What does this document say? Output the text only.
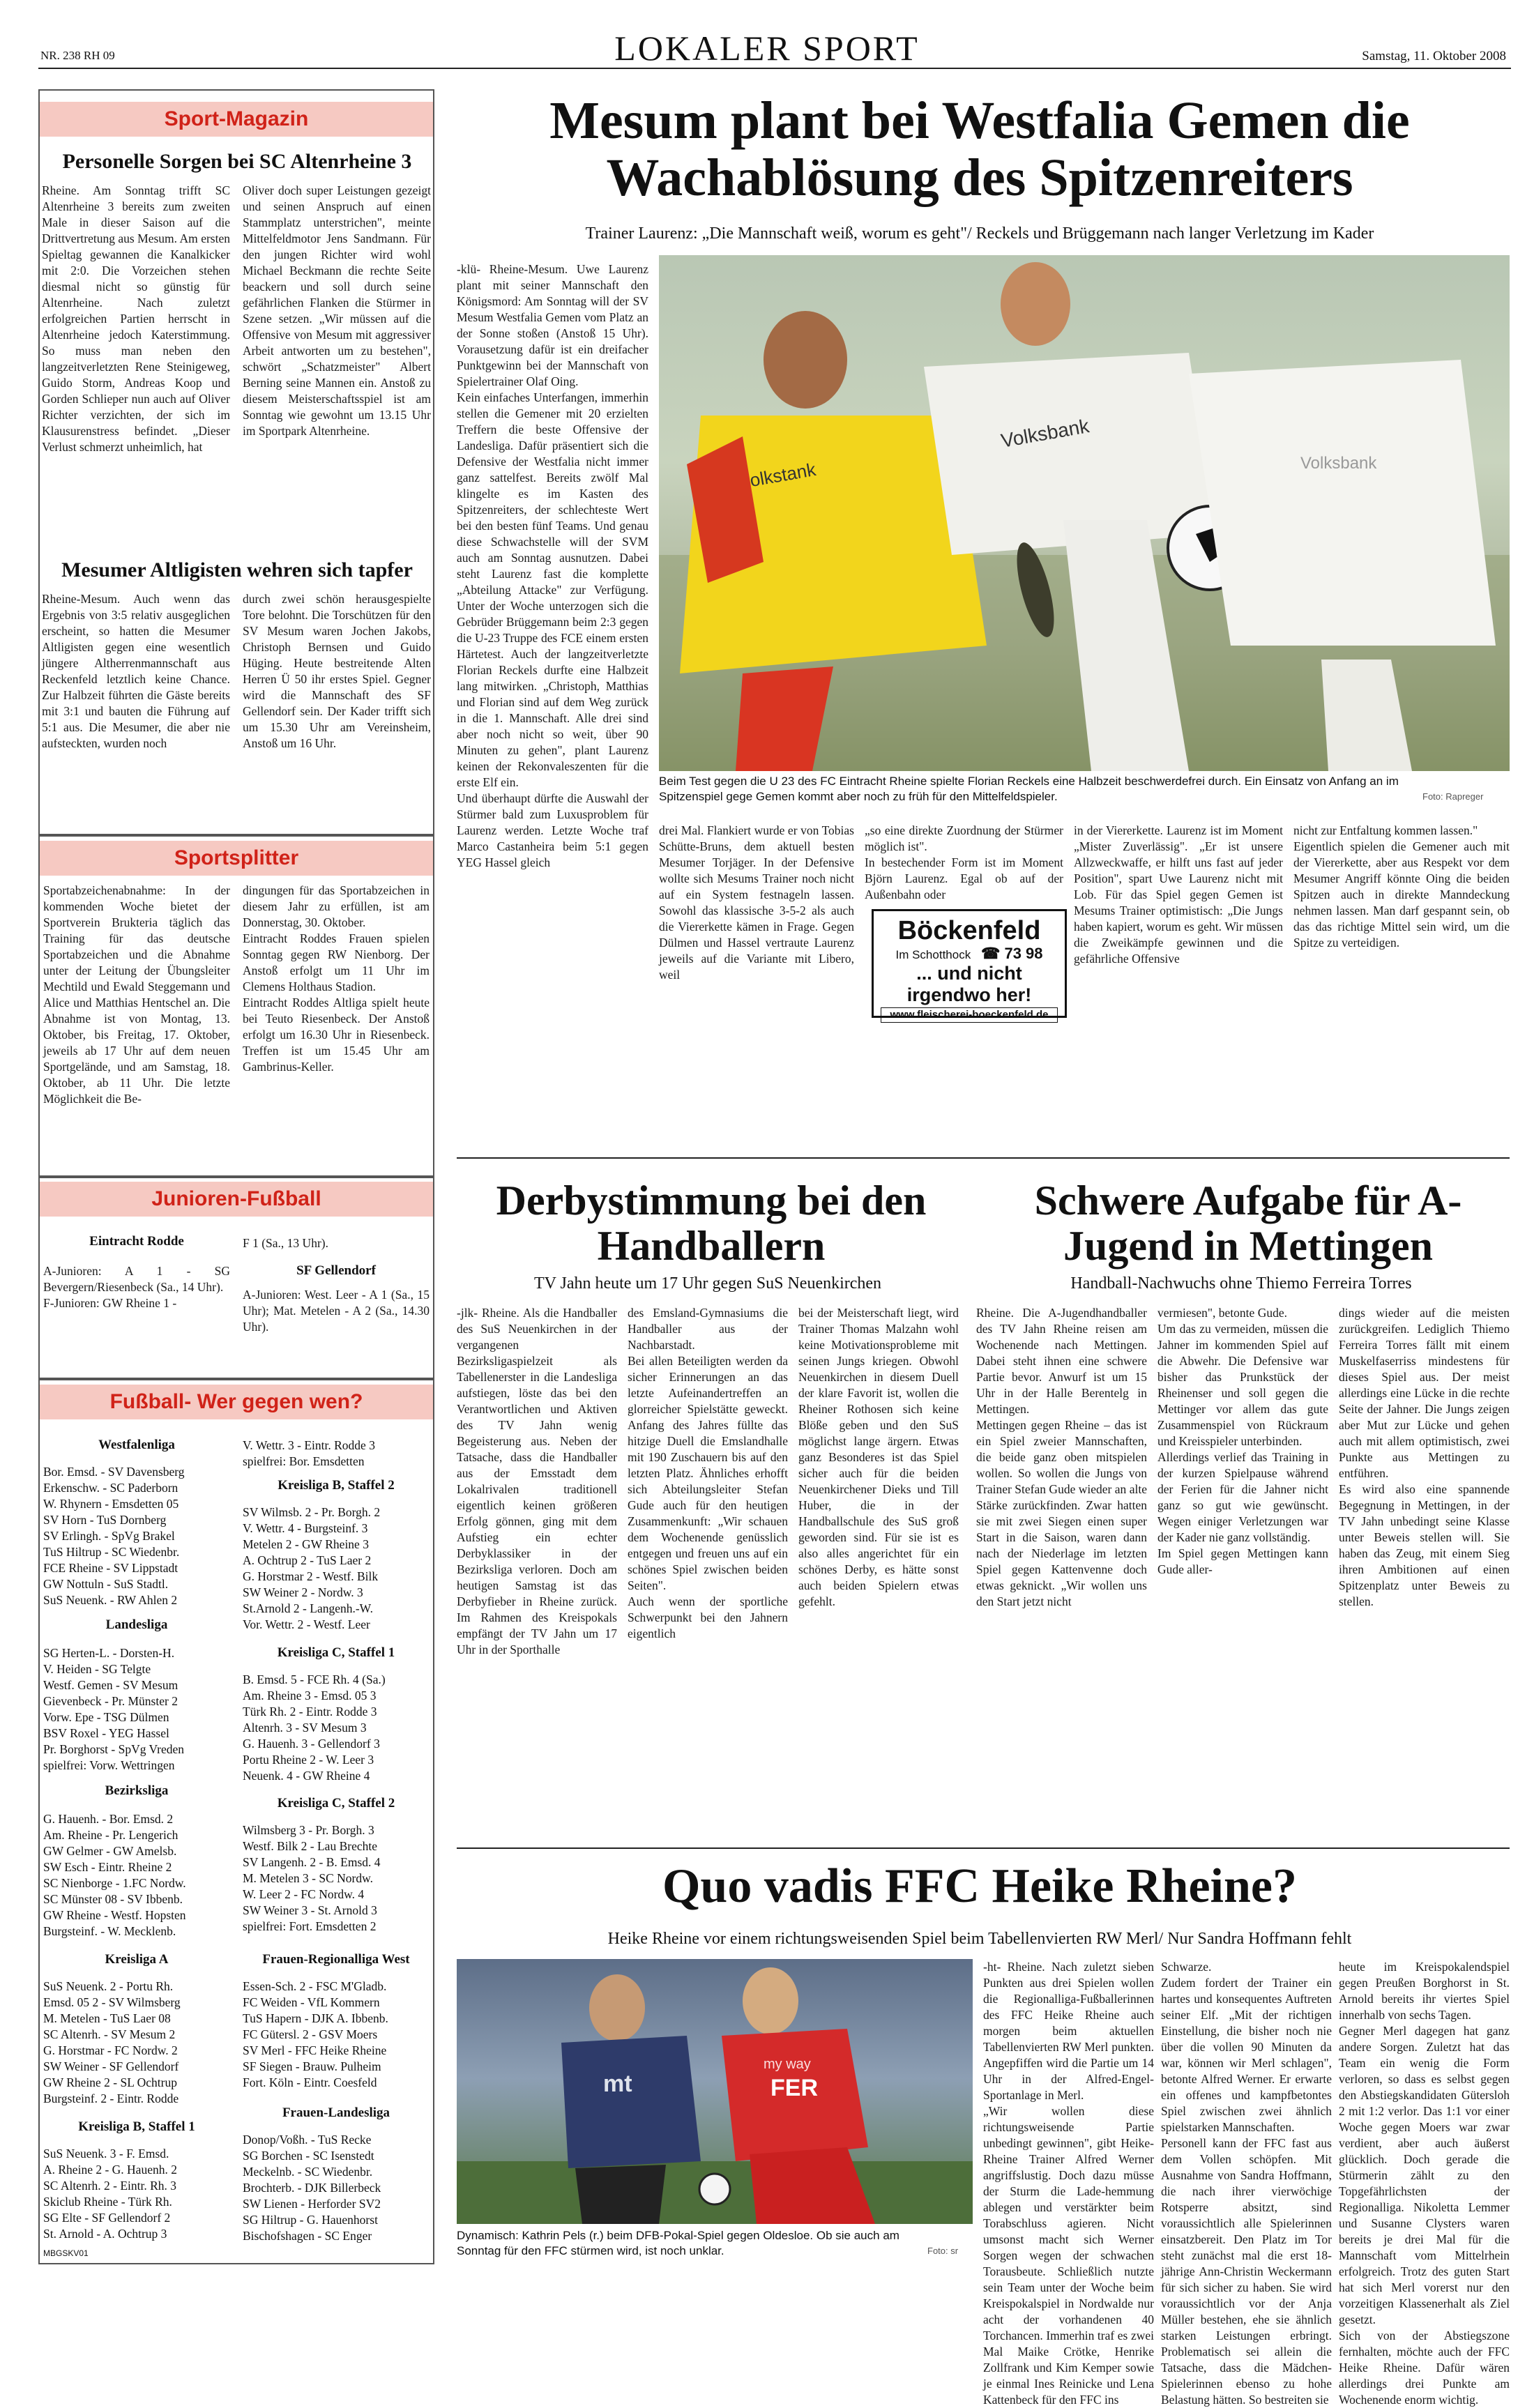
NR. 238 RH 09	LOKALER SPORT	Samstag, 11. Oktober 2008
Sport-Magazin
Personelle Sorgen bei SC Altenrheine 3
Rheine. Am Sonntag trifft SC Altenrheine 3 bereits zum zweiten Male in dieser Saison auf die Drittvertretung aus Mesum. Am ersten Spieltag gewannen die Kanalkicker mit 2:0. Die Vorzeichen stehen diesmal nicht so günstig für Altenrheine. Nach zuletzt erfolgreichen Partien herrscht in Altenrheine jedoch Katerstimmung. So muss man neben den langzeitverletzten Rene Steinigeweg, Guido Storm, Andreas Koop und Gorden Schlieper nun auch auf Oliver Richter verzichten, der sich im Klausurenstress befindet. „Dieser Verlust schmerzt unheimlich, hat
Oliver doch super Leistungen gezeigt und seinen Anspruch auf einen Stammplatz unterstrichen", meinte Mittelfeldmotor Jens Sandmann. Für den jungen Richter wird wohl Michael Beckmann die rechte Seite beackern und soll durch seine gefährlichen Flanken die Stürmer in Szene setzen. „Wir müssen auf die Offensive von Mesum mit aggressiver Arbeit antworten um zu bestehen", schwört „Schatzmeister" Albert Berning seine Mannen ein. Anstoß zu diesem Meisterschaftsspiel ist am Sonntag wie gewohnt um 13.15 Uhr im Sportpark Altenrheine.
Mesumer Altligisten wehren sich tapfer
Rheine-Mesum. Auch wenn das Ergebnis von 3:5 relativ ausgeglichen erscheint, so hatten die Mesumer Altligisten gegen eine wesentlich jüngere Altherrenmannschaft aus Reckenfeld letztlich keine Chance. Zur Halbzeit führten die Gäste bereits mit 3:1 und bauten die Führung auf 5:1 aus. Die Mesumer, die aber nie aufsteckten, wurden noch
durch zwei schön herausgespielte Tore belohnt. Die Torschützen für den SV Mesum waren Jochen Jakobs, Christoph Bernsen und Guido Hüging. Heute bestreitende Alten Herren Ü 50 ihr erstes Spiel. Gegner wird die Mannschaft des SF Gellendorf sein. Der Kader trifft sich um 15.30 Uhr am Vereinsheim, Anstoß um 16 Uhr.
Sportsplitter
Sportabzeichenabnahme: In der kommenden Woche bietet der Sportverein Brukteria täglich das Training für das deutsche Sportabzeichen und die Abnahme unter der Leitung der Übungsleiter Mechtild und Ewald Steggemann und Alice und Matthias Hentschel an. Die Abnahme ist von Montag, 13. Oktober, bis Freitag, 17. Oktober, jeweils ab 17 Uhr auf dem neuen Sportgelände, und am Samstag, 18. Oktober, ab 11 Uhr. Die letzte Möglichkeit die Be-
dingungen für das Sportabzeichen in diesem Jahr zu erfüllen, ist am Donnerstag, 30. Oktober.
Eintracht Roddes Frauen spielen Sonntag gegen RW Nienborg. Der Anstoß erfolgt um 11 Uhr im Clemens Holthaus Stadion.
Eintracht Roddes Altliga spielt heute bei Teuto Riesenbeck. Der Anstoß erfolgt um 16.30 Uhr in Riesenbeck. Treffen ist um 15.45 Uhr am Gambrinus-Keller.
Junioren-Fußball
Eintracht Rodde
A-Junioren: A 1 - SG Bevergern/Riesenbeck (Sa., 14 Uhr).
F-Junioren: GW Rheine 1 -
F 1 (Sa., 13 Uhr).
SF Gellendorf
A-Junioren: West. Leer - A 1 (Sa., 15 Uhr); Mat. Metelen - A 2 (Sa., 14.30 Uhr).
Fußball- Wer gegen wen?
Westfalenliga
Bor. Emsd. - SV Davensberg
Erkenschw. - SC Paderborn
W. Rhynern - Emsdetten 05
SV Horn - TuS Dornberg
SV Erlingh. - SpVg Brakel
TuS Hiltrup - SC Wiedenbr.
FCE Rheine - SV Lippstadt
GW Nottuln - SuS Stadtl.
SuS Neuenk. - RW Ahlen 2
Landesliga
SG Herten-L. - Dorsten-H.
V. Heiden - SG Telgte
Westf. Gemen - SV Mesum
Gievenbeck - Pr. Münster 2
Vorw. Epe - TSG Dülmen
BSV Roxel - YEG Hassel
Pr. Borghorst - SpVg Vreden
spielfrei: Vorw. Wettringen
Bezirksliga
G. Hauenh. - Bor. Emsd. 2
Am. Rheine - Pr. Lengerich
GW Gelmer - GW Amelsb.
SW Esch - Eintr. Rheine 2
SC Nienborge - 1.FC Nordw.
SC Münster 08 - SV Ibbenb.
GW Rheine - Westf. Hopsten
Burgsteinf. - W. Mecklenb.
Kreisliga A
SuS Neuenk. 2 - Portu Rh.
Emsd. 05 2 - SV Wilmsberg
M. Metelen - TuS Laer 08
SC Altenrh. - SV Mesum 2
G. Horstmar - FC Nordw. 2
SW Weiner - SF Gellendorf
GW Rheine 2 - SL Ochtrup
Burgsteinf. 2 - Eintr. Rodde
Kreisliga B, Staffel 1
SuS Neuenk. 3 - F. Emsd.
A. Rheine 2 - G. Hauenh. 2
SC Altenrh. 2 - Eintr. Rh. 3
Skiclub Rheine - Türk Rh.
SG Elte - SF Gellendorf 2
St. Arnold - A. Ochtrup 3
MBGSKV01
V. Wettr. 3 - Eintr. Rodde 3
spielfrei: Bor. Emsdetten
Kreisliga B, Staffel 2
SV Wilmsb. 2 - Pr. Borgh. 2
V. Wettr. 4 - Burgsteinf. 3
Metelen 2 - GW Rheine 3
A. Ochtrup 2 - TuS Laer 2
G. Horstmar 2 - Westf. Bilk
SW Weiner 2 - Nordw. 3
St.Arnold 2 - Langenh.-W.
Vor. Wettr. 2 - Westf. Leer
Kreisliga C, Staffel 1
B. Emsd. 5 - FCE Rh. 4 (Sa.)
Am. Rheine 3 - Emsd. 05 3
Türk Rh. 2 - Eintr. Rodde 3
Altenrh. 3 - SV Mesum 3
G. Hauenh. 3 - Gellendorf 3
Portu Rheine 2 - W. Leer 3
Neuenk. 4 - GW Rheine 4
Kreisliga C, Staffel 2
Wilmsberg 3 - Pr. Borgh. 3
Westf. Bilk 2 - Lau Brechte
SV Langenh. 2 - B. Emsd. 4
M. Metelen 3 - SC Nordw.
W. Leer 2 - FC Nordw. 4
SW Weiner 3 - St. Arnold 3
spielfrei: Fort. Emsdetten 2
Frauen-Regionalliga West
Essen-Sch. 2 - FSC M'Gladb.
FC Weiden - VfL Kommern
TuS Hapern - DJK A. Ibbenb.
FC Gütersl. 2 - GSV Moers
SV Merl - FFC Heike Rheine
SF Siegen - Brauw. Pulheim
Fort. Köln - Eintr. Coesfeld
Frauen-Landesliga
Donop/Voßh. - TuS Recke
SG Borchen - SC Isenstedt
Meckelnb. - SC Wiedenbr.
Brochterb. - DJK Billerbeck
SW Lienen - Herforder SV2
SG Hiltrup - G. Hauenhorst
Bischofshagen - SC Enger
Mesum plant bei Westfalia Gemen die Wachablösung des Spitzenreiters
Trainer Laurenz: „Die Mannschaft weiß, worum es geht"/ Reckels und Brüggemann nach langer Verletzung im Kader
-klü- Rheine-Mesum. Uwe Laurenz plant mit seiner Mannschaft den Königsmord: Am Sonntag will der SV Mesum Westfalia Gemen vom Platz an der Sonne stoßen (Anstoß 15 Uhr). Vorausetzung dafür ist ein dreifacher Punktgewinn bei der Mannschaft von Spielertrainer Olaf Oing.
Kein einfaches Unterfangen, immerhin stellen die Gemener mit 20 erzielten Treffern die beste Offensive der Landesliga. Dafür präsentiert sich die Defensive der Westfalia nicht immer ganz sattelfest. Bereits zwölf Mal klingelte es im Kasten des Spitzenreiters, der schlechteste Wert bei den besten fünf Teams. Und genau diese Schwachstelle will der SVM auch am Sonntag ausnutzen. Dabei steht Laurenz fast die komplette „Abteilung Attacke" zur Verfügung. Unter der Woche unterzogen sich die Gebrüder Brüggemann beim 2:3 gegen die U-23 Truppe des FCE einem ersten Härtetest. Auch der langzeitverletzte Florian Reckels durfte eine Halbzeit lang mitwirken. „Christoph, Matthias und Florian sind auf dem Weg zurück in die 1. Mannschaft. Alle drei sind aber noch nicht so weit, über 90 Minuten zu gehen", plant Laurenz keinen der Rekonvaleszenten für die erste Elf ein.
Und überhaupt dürfte die Auswahl der Stürmer bald zum Luxusproblem für Laurenz werden. Letzte Woche traf Marco Castanheira beim 5:1 gegen YEG Hassel gleich
olkstank
Volksbank
Volksbank
Beim Test gegen die U 23 des FC Eintracht Rheine spielte Florian Reckels eine Halbzeit beschwerdefrei durch. Ein Einsatz von Anfang an im Spitzenspiel gege Gemen kommt aber noch zu früh für den Mittelfeldspieler.	Foto: Rapreger
drei Mal. Flankiert wurde er von Tobias Schütte-Bruns, dem aktuell besten Mesumer Torjäger. In der Defensive wollte sich Mesums Trainer noch nicht auf ein System festnageln lassen. Sowohl das klassische 3-5-2 als auch die Viererkette kämen in Frage. Gegen Dülmen und Hassel vertraute Laurenz jeweils auf die Variante mit Libero, weil
„so eine direkte Zuordnung der Stürmer möglich ist".
In bestechender Form ist im Moment Björn Laurenz. Egal ob auf der Außenbahn oder
in der Viererkette. Laurenz ist im Moment „Mister Zuverlässig". „Er ist unsere Allzweckwaffe, er hilft uns fast auf jeder Position", spart Uwe Laurenz nicht mit Lob. Für das Spiel gegen Gemen ist Mesums Trainer optimistisch: „Die Jungs haben kapiert, worum es geht. Wir müssen die Zweikämpfe gewinnen und die gefährliche Offensive
nicht zur Entfaltung kommen lassen."
Eigentlich spielen die Gemener auch mit der Viererkette, aber aus Respekt vor dem Mesumer Angriff könnte Oing die beiden Spitzen auch in direkte Manndeckung nehmen lassen. Man darf gespannt sein, ob das das richtige Mittel sein wird, um die Spitze zu verteidigen.
Böckenfeld
Im Schotthock ☎ 73 98
... und nicht irgendwo her!
www.fleischerei-boeckenfeld.de
Derbystimmung bei den Handballern
TV Jahn heute um 17 Uhr gegen SuS Neuenkirchen
-jlk- Rheine. Als die Handballer des SuS Neuenkirchen in der vergangenen Bezirksligaspielzeit als Tabellenerster in die Landesliga aufstiegen, löste das bei den Verantwortlichen und Aktiven des TV Jahn wenig Begeisterung aus. Neben der Tatsache, dass die Handballer aus der Emsstadt dem Lokalrivalen traditionell eigentlich keinen größeren Erfolg gönnen, ging mit dem Aufstieg ein echter Derbyklassiker in der Bezirksliga verloren. Doch am heutigen Samstag ist das Derbyfieber in Rheine zurück. Im Rahmen des Kreispokals empfängt der TV Jahn um 17 Uhr in der Sporthalle
des Emsland-Gymnasiums die Handballer aus der Nachbarstadt.
Bei allen Beteiligten werden da sicher Erinnerungen an das letzte Aufeinandertreffen an glorreicher Spielstätte geweckt. Anfang des Jahres füllte das hitzige Duell die Emslandhalle mit 190 Zuschauern bis auf den letzten Platz. Ähnliches erhofft sich Abteilungsleiter Stefan Gude auch für den heutigen Zusammenkunft: „Wir schauen dem Wochenende genüsslich entgegen und freuen uns auf ein schönes Spiel zwischen beiden Seiten".
Auch wenn der sportliche Schwerpunkt bei den Jahnern eigentlich
bei der Meisterschaft liegt, wird Trainer Thomas Malzahn wohl keine Motivationsprobleme mit seinen Jungs kriegen. Obwohl Neuenkirchen in diesem Duell der klare Favorit ist, wollen die Rheiner Rothosen sich keine Blöße geben und den SuS möglichst lange ärgern. Etwas ganz Besonderes ist das Spiel sicher auch für die beiden Neuenkirchener Dieks und Till Huber, die in der Handballschule des SuS groß geworden sind. Für sie ist es also alles angerichtet für ein schönes Derby, es hätte sonst auch beiden Spielern etwas gefehlt.
Schwere Aufgabe für A-Jugend in Mettingen
Handball-Nachwuchs ohne Thiemo Ferreira Torres
Rheine. Die A-Jugendhandballer des TV Jahn Rheine reisen am Wochenende nach Mettingen. Dabei steht ihnen eine schwere Partie bevor. Anwurf ist um 15 Uhr in der Halle Berentelg in Mettingen.
Mettingen gegen Rheine – das ist ein Spiel zweier Mannschaften, die beide ganz oben mitspielen wollen. So wollen die Jungs von Trainer Stefan Gude wieder an alte Stärke zurückfinden. Zwar hatten sie mit zwei Siegen einen super Start in die Saison, waren dann nach der Niederlage im letzten Spiel gegen Kattenvenne doch etwas geknickt. „Wir wollen uns den Start jetzt nicht
vermiesen", betonte Gude.
Um das zu vermeiden, müssen die Jahner im kommenden Spiel auf die Abwehr. Die Defensive war bisher das Prunkstück der Rheinenser und soll gegen die Mettinger vor allem das gute Zusammenspiel von Rückraum und Kreisspieler unterbinden.
Allerdings verlief das Training in der kurzen Spielpause während der Ferien für die Jahner nicht ganz so gut wie gewünscht. Wegen einiger Verletzungen war der Kader nie ganz vollständig.
Im Spiel gegen Mettingen kann Gude aller-
dings wieder auf die meisten zurückgreifen. Lediglich Thiemo Ferreira Torres fällt mit einem Muskelfaserriss mindestens für dieses Spiel aus. Der meist allerdings eine Lücke in die rechte Seite der Jahner. Die Jungs zeigen aber Mut zur Lücke und gehen auch mit allem optimistisch, zwei Punkte aus Mettingen zu entführen.
Es wird also eine spannende Begegnung in Mettingen, in der TV Jahn unbedingt seine Klasse unter Beweis stellen will. Sie haben das Zeug, mit einem Sieg ihren Ambitionen auf einen Spitzenplatz unter Beweis zu stellen.
Quo vadis FFC Heike Rheine?
Heike Rheine vor einem richtungsweisenden Spiel beim Tabellenvierten RW Merl/ Nur Sandra Hoffmann fehlt
mt
my way
FER
Dynamisch: Kathrin Pels (r.) beim DFB-Pokal-Spiel gegen Oldesloe. Ob sie auch am Sonntag für den FFC stürmen wird, ist noch unklar.	Foto: sr
-ht- Rheine. Nach zuletzt sieben Punkten aus drei Spielen wollen die Regionalliga-Fußballerinnen des FFC Heike Rheine auch morgen beim aktuellen Tabellenvierten RW Merl punkten. Angepfiffen wird die Partie um 14 Uhr in der Alfred-Engel-Sportanlage in Merl.
„Wir wollen diese richtungsweisende Partie unbedingt gewinnen", gibt Heike-Rheine Trainer Alfred Werner angriffslustig. Doch dazu müsse der Sturm die Lade-hemmung ablegen und verstärkter beim Torabschluss agieren. Nicht umsonst macht sich Werner Sorgen wegen der schwachen Torausbeute. Schließlich nutzte sein Team unter der Woche beim Kreispokalspiel in Nordwalde nur acht der vorhandenen 40 Torchancen. Immerhin traf es zwei Mal Maike Crötke, Henrike Zollfrank und Kim Kemper sowie je einmal Ines Reinicke und Lena Kattenbeck für den FFC ins
Schwarze.
Zudem fordert der Trainer ein hartes und konsequentes Auftreten seiner Elf. „Mit der richtigen Einstellung, die bisher noch nie über die vollen 90 Minuten da war, können wir Merl schlagen", betonte Alfred Werner. Er erwarte ein offenes und kampfbetontes Spiel zwischen zwei ähnlich spielstarken Mannschaften.
Personell kann der FFC fast aus dem Vollen schöpfen. Mit Ausnahme von Sandra Hoffmann, die nach ihrer vierwöchige Rotsperre absitzt, sind voraussichtlich alle Spielerinnen einsatzbereit. Den Platz im Tor steht zunächst mal die erst 18-jährige Ann-Christin Weckermann für sich sicher zu haben. Sie wird voraussichtlich vor der Anja Müller bestehen, ehe sie ähnlich starken Leistungen erbringt. Problematisch sei allein die Tatsache, dass die Mädchen-Spielerinnen ebenso zu hohe Belastung hätten. So bestreiten sie
heute im Kreispokalendspiel gegen Preußen Borghorst in St. Arnold bereits ihr viertes Spiel innerhalb von sechs Tagen.
Gegner Merl dagegen hat ganz andere Sorgen. Zuletzt hat das Team ein wenig die Form verloren, so dass es selbst gegen den Abstiegskandidaten Gütersloh 2 mit 1:2 verlor. Das 1:1 vor einer Woche gegen Moers war zwar verdient, aber auch äußerst glücklich. Doch gerade die Stürmerin zählt zu den Topgefährlichsten der Regionalliga. Nikoletta Lemmer und Susanne Clysters waren bereits je drei Mal für die Mannschaft vom Mittelrhein erfolgreich. Trotz des guten Start hat sich Merl vorerst nur den vorzeitigen Klassenerhalt als Ziel gesetzt.
Sich von der Abstiegszone fernhalten, möchte auch der FFC Heike Rheine. Dafür wären allerdings drei Punkte am Wochenende enorm wichtig.
